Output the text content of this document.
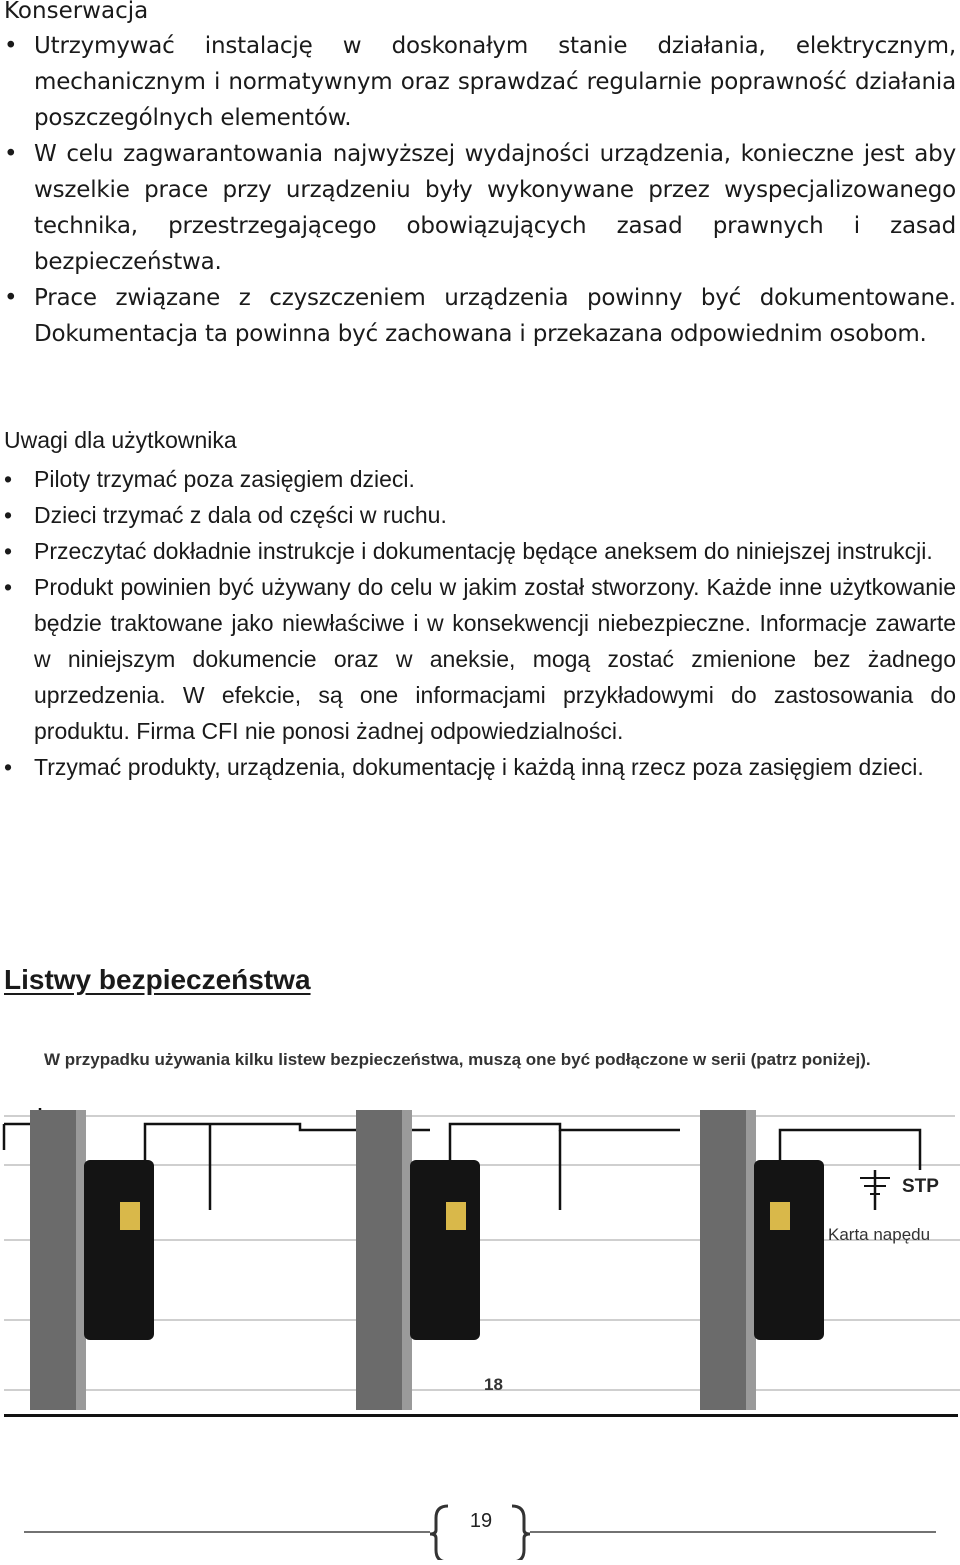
Konserwacja
• Utrzymywać instalację w doskonałym stanie działania, elektrycznym, mechanicznym i normatywnym oraz sprawdzać regularnie poprawność działania poszczególnych elementów.
• W celu zagwarantowania najwyższej wydajności urządzenia, konieczne jest aby wszelkie prace przy urządzeniu były wykonywane przez wyspecjalizowanego technika, przestrzegającego obowiązujących zasad prawnych i zasad bezpieczeństwa.
• Prace związane z czyszczeniem urządzenia powinny być dokumentowane. Dokumentacja ta powinna być zachowana i przekazana odpowiednim osobom.
Uwagi dla użytkownika
• Piloty trzymać poza zasięgiem dzieci.
• Dzieci trzymać z dala od części w ruchu.
• Przeczytać dokładnie instrukcje i dokumentację będące aneksem do niniejszej instrukcji.
• Produkt powinien być używany do celu w jakim został stworzony. Każde inne użytkowanie będzie traktowane jako niewłaściwe i w konsekwencji niebezpieczne. Informacje zawarte w niniejszym dokumencie oraz w aneksie, mogą zostać zmienione bez żadnego uprzedzenia. W efekcie, są one informacjami przykładowymi do zastosowania do produktu. Firma CFI nie ponosi żadnej odpowiedzialności.
• Trzymać produkty, urządzenia, dokumentację i każdą inną rzecz poza zasięgiem dzieci.
Listwy bezpieczeństwa
W przypadku używania kilku listew bezpieczeństwa, muszą one być podłączone w serii (patrz poniżej).
STP
Karta napędu
18
19
